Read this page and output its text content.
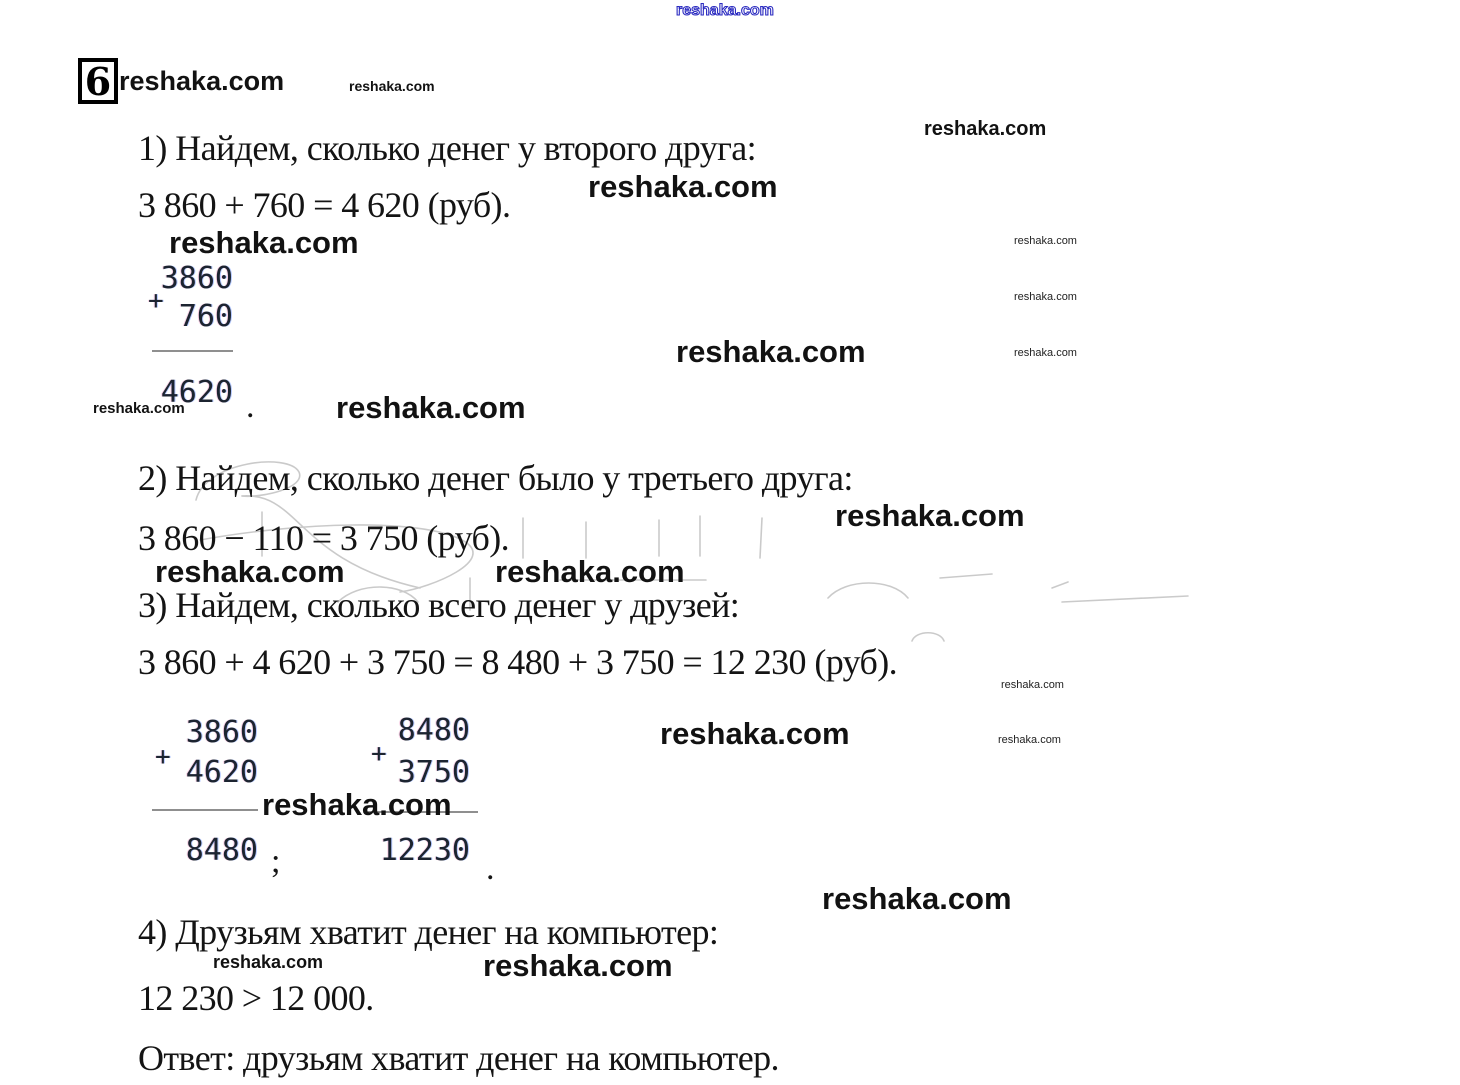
reshaka.com
6 reshaka.com	reshaka.com
1) Найдем, сколько денег у второго друга:	reshaka.com
3 860 + 760 = 4 620 (руб).	reshaka.com
reshaka.com
+
3860
760
4620 .
reshaka.com	reshaka.com
reshaka.com
reshaka.com
reshaka.com
reshaka.com
2) Найдем, сколько денег было у третьего друга:
3 860 − 110 = 3 750 (руб).
reshaka.com
reshaka.com	reshaka.com
3) Найдем, сколько всего денег у друзей:
3 860 + 4 620 + 3 750 = 8 480 + 3 750 = 12 230 (руб).
reshaka.com
+
3860
4620
8480 ;
+
8480
3750
12230 .
reshaka.com	reshaka.com
reshaka.com
reshaka.com
4) Друзьям хватит денег на компьютер:
reshaka.com	reshaka.com
12 230 > 12 000.
Ответ: друзьям хватит денег на компьютер.
